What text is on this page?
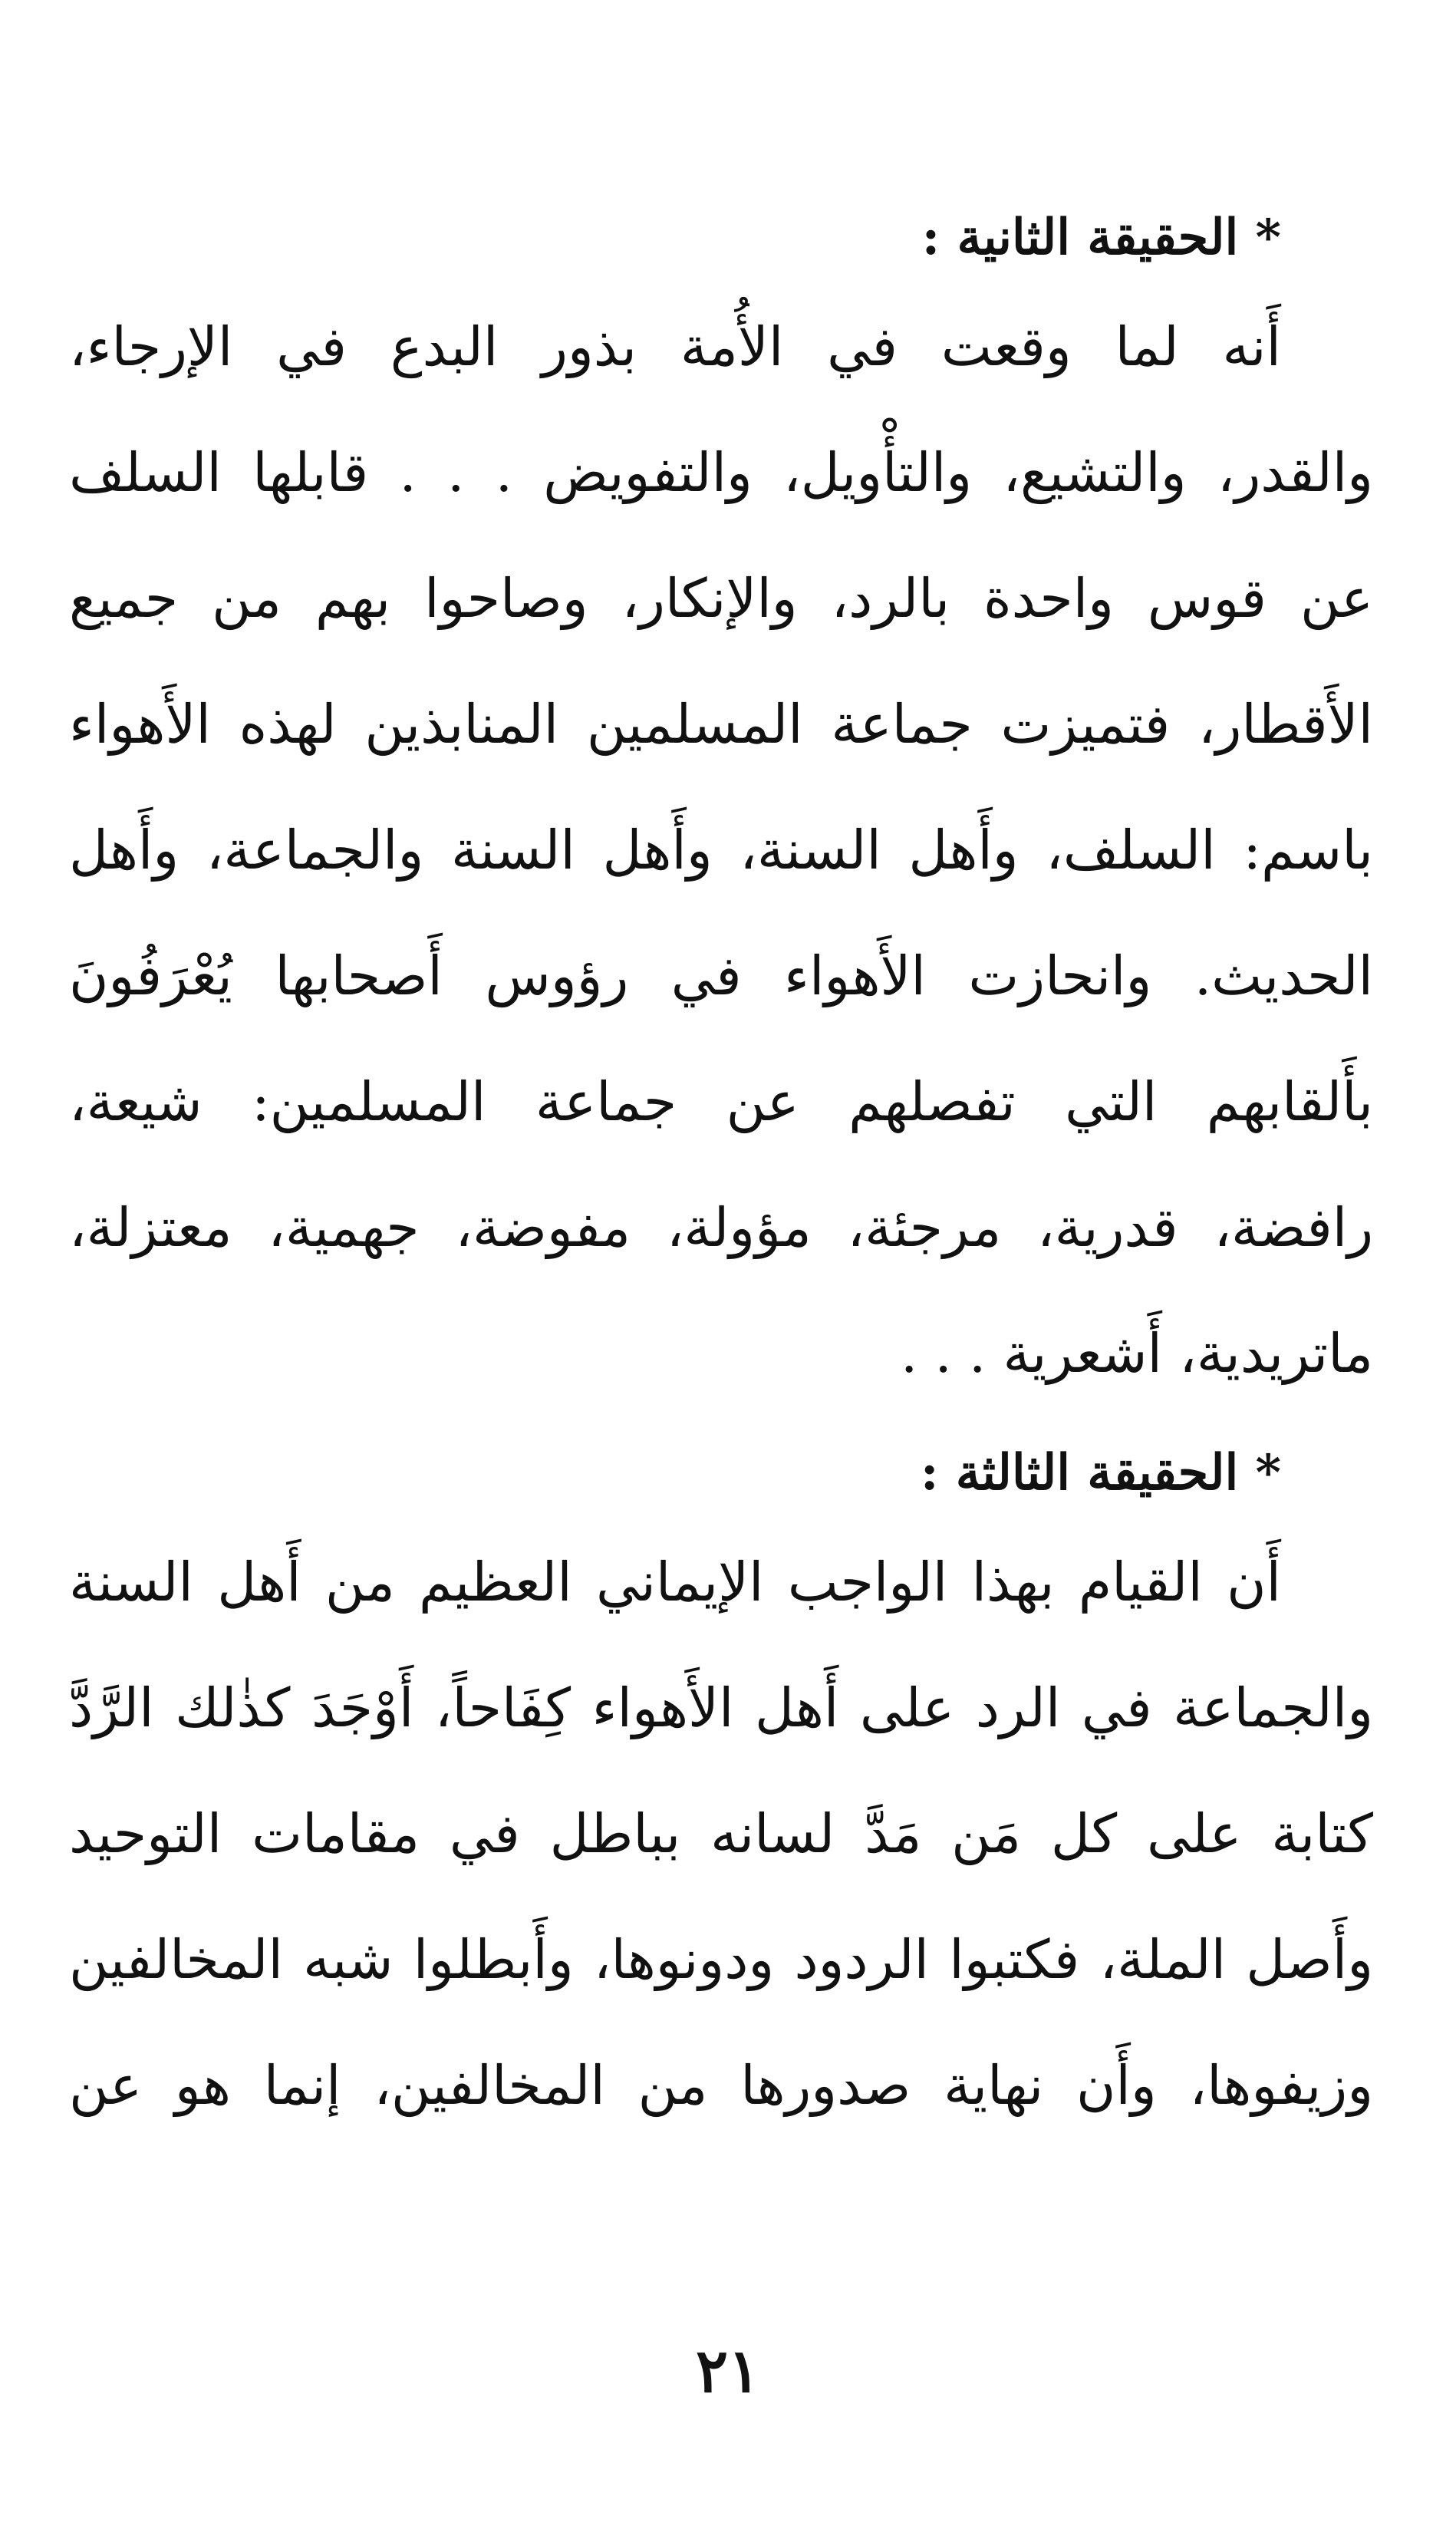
* الحقيقة الثانية :
أَنه لما وقعت في الأُمة بذور البدع في الإرجاء،
والقدر، والتشيع، والتأْويل، والتفويض . . . قابلها السلف
عن قوس واحدة بالرد، والإنكار، وصاحوا بهم من جميع
الأَقطار، فتميزت جماعة المسلمين المنابذين لهذه الأَهواء
باسم: السلف، وأَهل السنة، وأَهل السنة والجماعة، وأَهل
الحديث. وانحازت الأَهواء في رؤوس أَصحابها يُعْرَفُونَ
بأَلقابهم التي تفصلهم عن جماعة المسلمين: شيعة،
رافضة، قدرية، مرجئة، مؤولة، مفوضة، جهمية، معتزلة،
ماتريدية، أَشعرية . . .
* الحقيقة الثالثة :
أَن القيام بهذا الواجب الإيماني العظيم من أَهل السنة
والجماعة في الرد على أَهل الأَهواء كِفَاحاً، أَوْجَدَ كذٰلك الرَّدَّ
كتابة على كل مَن مَدَّ لسانه بباطل في مقامات التوحيد
وأَصل الملة، فكتبوا الردود ودونوها، وأَبطلوا شبه المخالفين
وزيفوها، وأَن نهاية صدورها من المخالفين، إنما هو عن
٢١
